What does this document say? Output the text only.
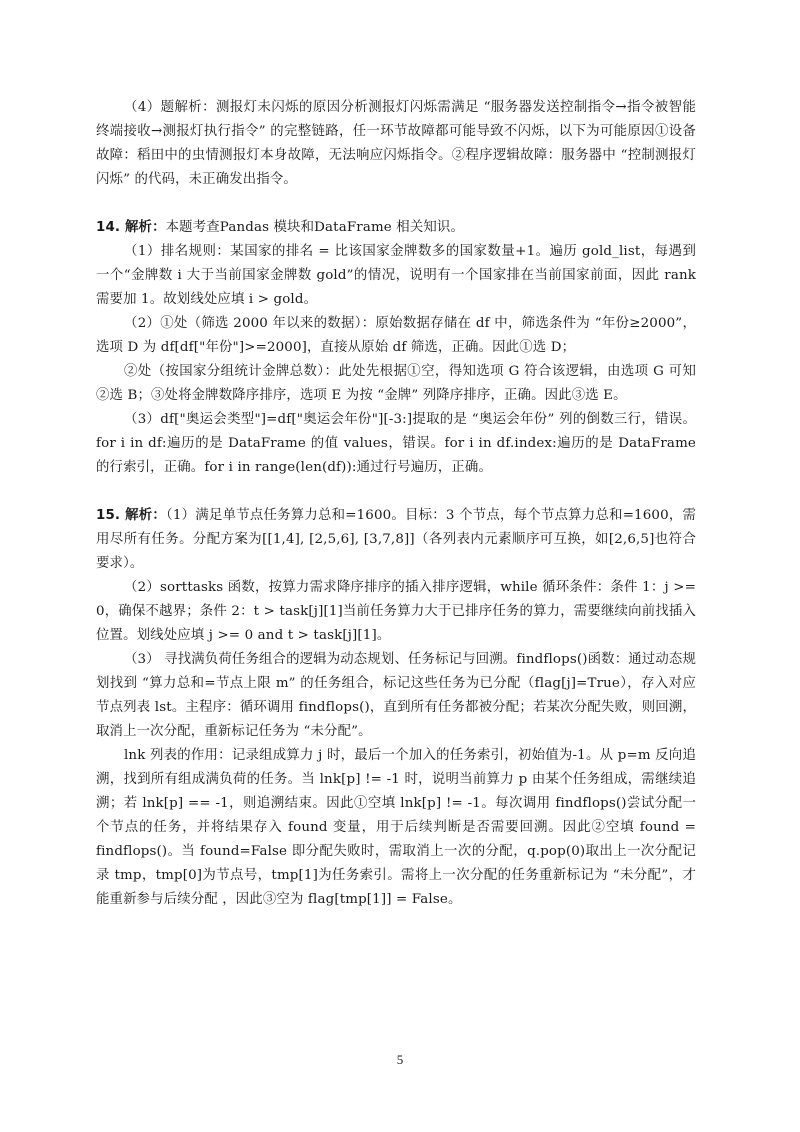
（4）题解析：测报灯未闪烁的原因分析测报灯闪烁需满足 “服务器发送控制指令→指令被智能终端接收→测报灯执行指令” 的完整链路，任一环节故障都可能导致不闪烁，以下为可能原因①设备故障：稻田中的虫情测报灯本身故障，无法响应闪烁指令。②程序逻辑故障：服务器中 “控制测报灯闪烁” 的代码，未正确发出指令。

14. 解析：本题考查Pandas 模块和DataFrame 相关知识。

（1）排名规则：某国家的排名 = 比该国家金牌数多的国家数量+1。遍历 gold_list，每遇到一个“金牌数 i 大于当前国家金牌数 gold”的情况，说明有一个国家排在当前国家前面，因此 rank 需要加 1。故划线处应填 i > gold。

（2）①处（筛选 2000 年以来的数据）：原始数据存储在 df 中，筛选条件为 “年份≥2000”，选项 D 为 df[df["年份"]>=2000]，直接从原始 df 筛选，正确。因此①选 D；

②处（按国家分组统计金牌总数）：此处先根据①空，得知选项 G 符合该逻辑，由选项 G 可知②选 B；③处将金牌数降序排序，选项 E 为按 “金牌” 列降序排序，正确。因此③选 E。

（3）df["奥运会类型"]=df["奥运会年份"][-3:]提取的是 “奥运会年份” 列的倒数三行，错误。for i in df:遍历的是 DataFrame 的值 values，错误。for i in df.index:遍历的是 DataFrame 的行索引，正确。for i in range(len(df)):通过行号遍历，正确。

15. 解析：（1）满足单节点任务算力总和=1600。目标：3 个节点，每个节点算力总和=1600，需用尽所有任务。分配方案为[[1,4], [2,5,6], [3,7,8]]（各列表内元素顺序可互换，如[2,6,5]也符合要求）。

（2）sorttasks 函数，按算力需求降序排序的插入排序逻辑，while 循环条件：条件 1：j >= 0，确保不越界；条件 2：t > task[j][1]当前任务算力大于已排序任务的算力，需要继续向前找插入位置。划线处应填 j >= 0 and t > task[j][1]。

（3） 寻找满负荷任务组合的逻辑为动态规划、任务标记与回溯。findflops()函数：通过动态规划找到 “算力总和=节点上限 m” 的任务组合，标记这些任务为已分配（flag[j]=True），存入对应节点列表 lst。主程序：循环调用 findflops()，直到所有任务都被分配；若某次分配失败，则回溯，取消上一次分配，重新标记任务为 “未分配”。

lnk 列表的作用：记录组成算力 j 时，最后一个加入的任务索引，初始值为-1。从 p=m 反向追溯，找到所有组成满负荷的任务。当 lnk[p] != -1 时，说明当前算力 p 由某个任务组成，需继续追溯；若 lnk[p] == -1，则追溯结束。因此①空填 lnk[p] != -1。每次调用 findflops()尝试分配一个节点的任务，并将结果存入 found 变量，用于后续判断是否需要回溯。因此②空填 found = findflops()。当 found=False 即分配失败时，需取消上一次的分配，q.pop(0)取出上一次分配记录 tmp，tmp[0]为节点号，tmp[1]为任务索引。需将上一次分配的任务重新标记为 “未分配”，才能重新参与后续分配 ，因此③空为 flag[tmp[1]] = False。

5
